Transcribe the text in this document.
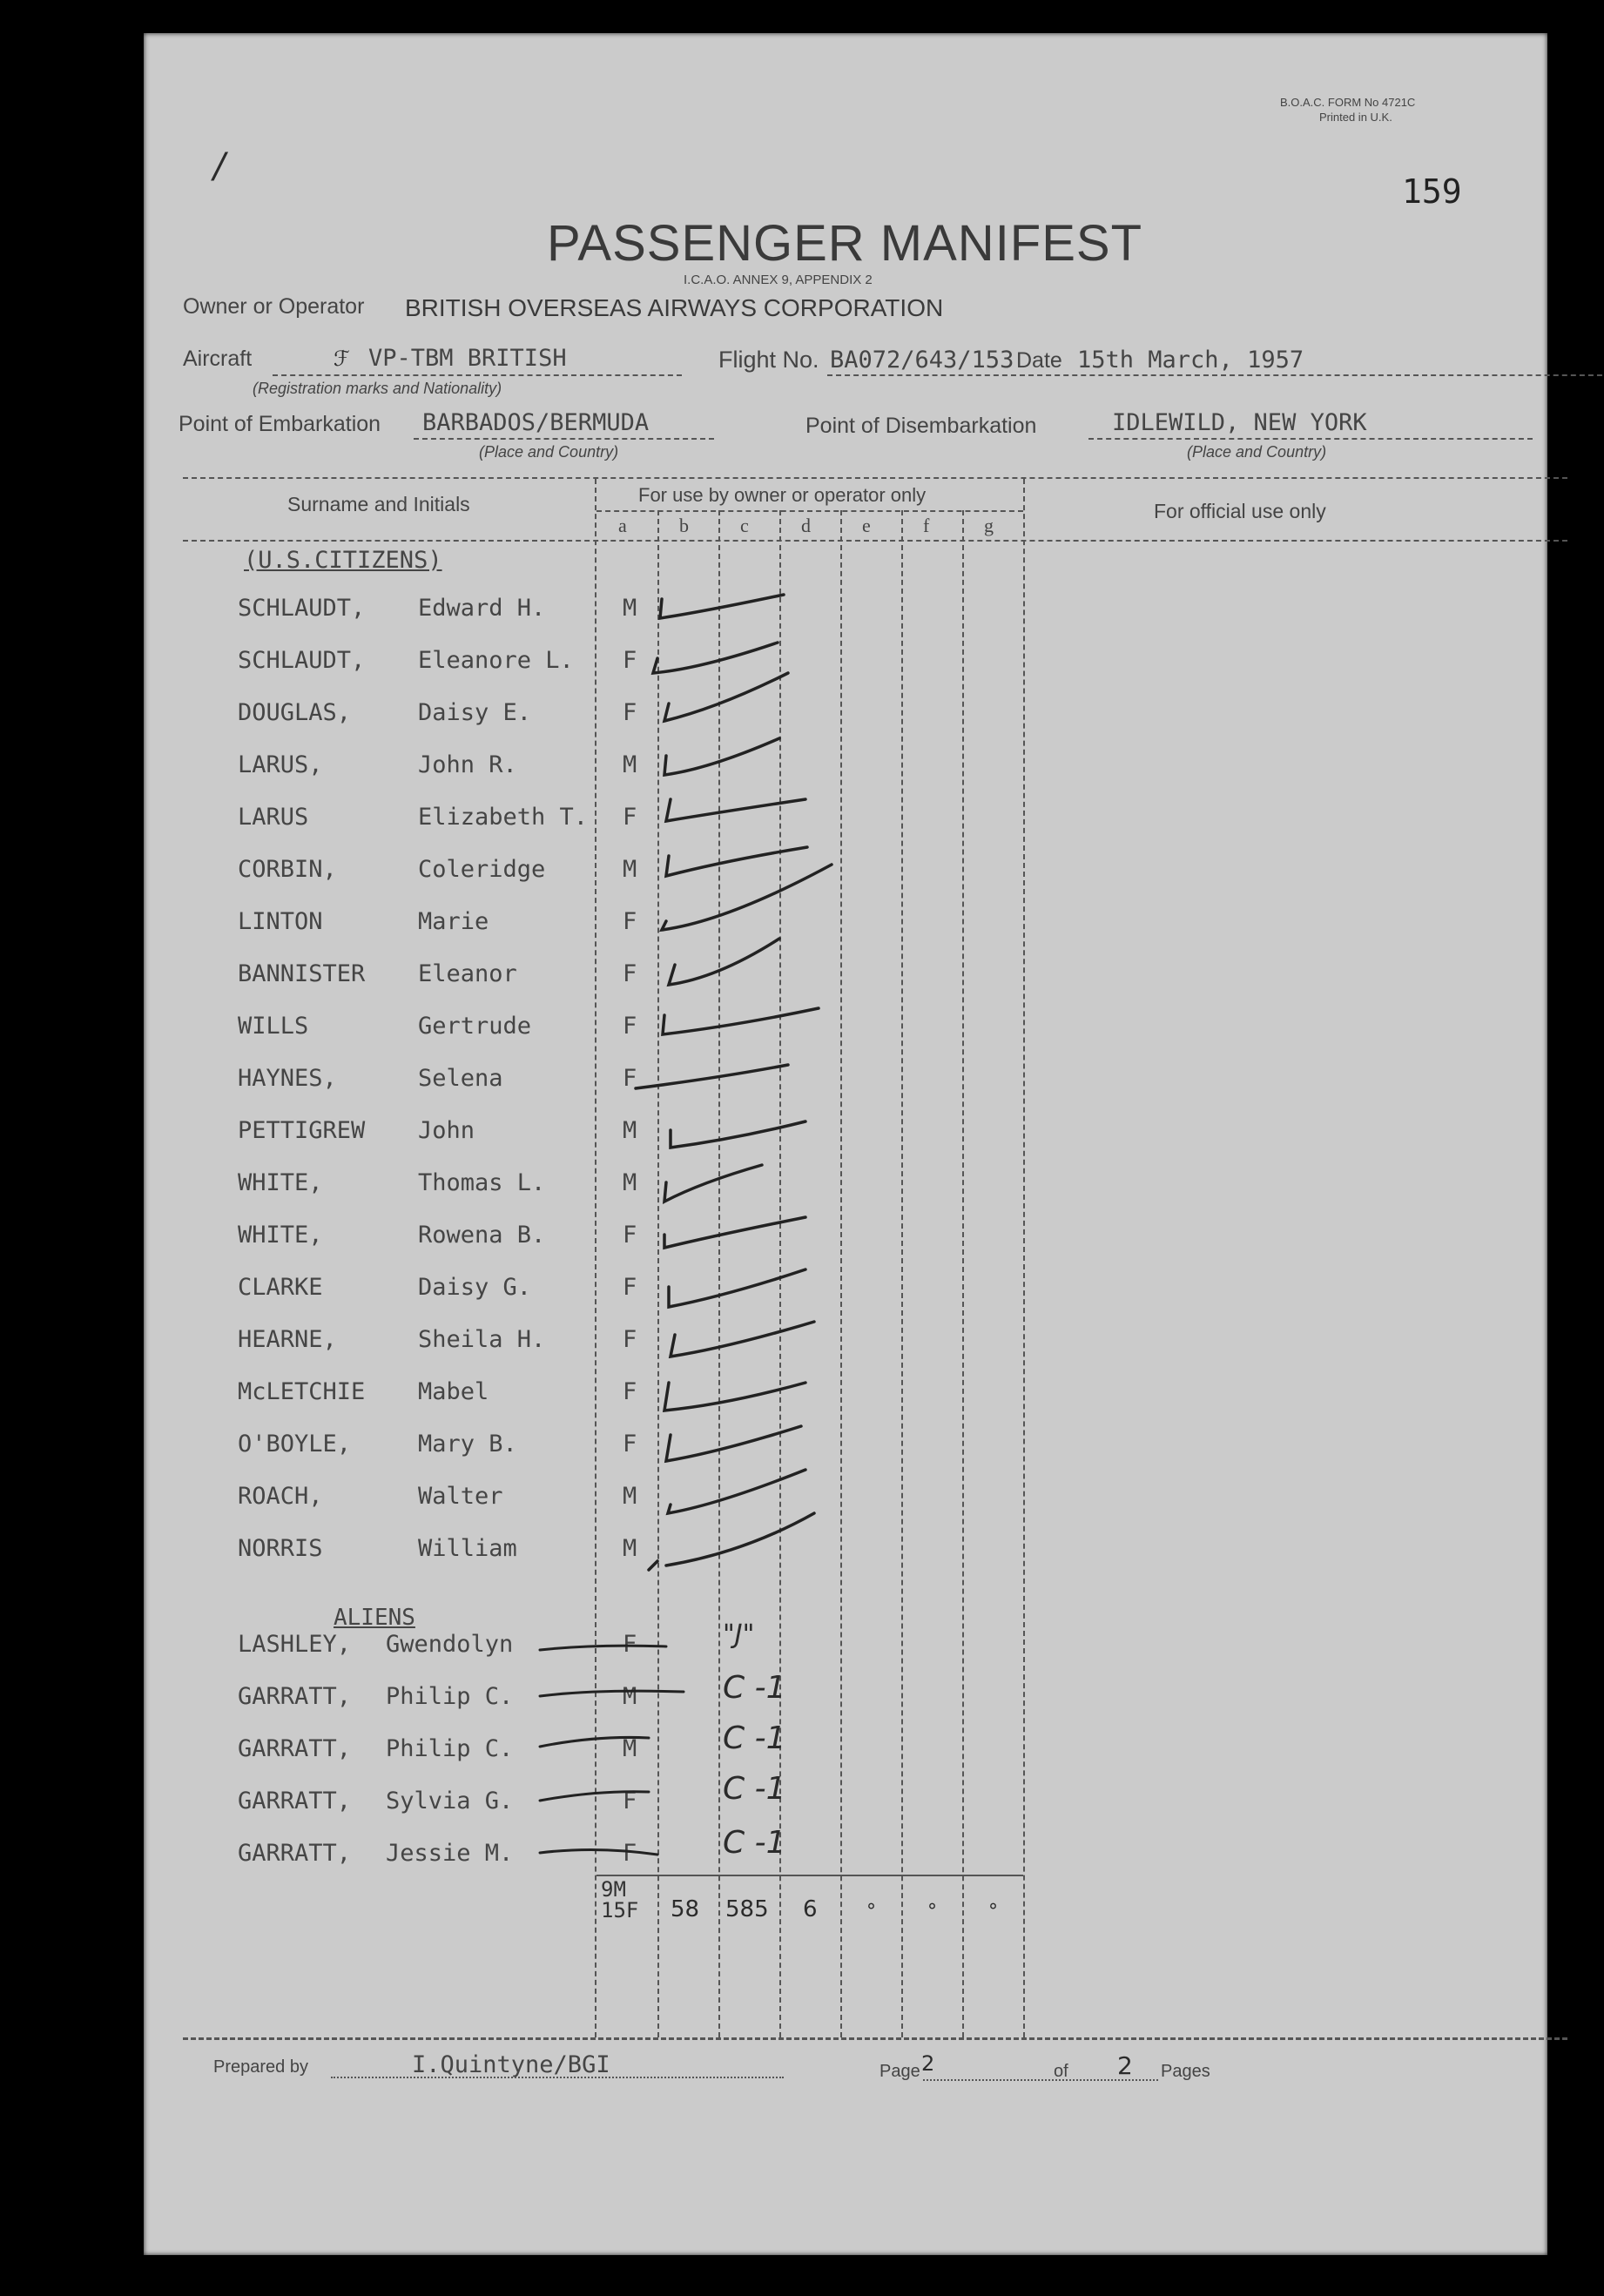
/
B.O.A.C. FORM No 4721C
Printed in U.K.
159
PASSENGER MANIFEST
I.C.A.O. ANNEX 9, APPENDIX 2
Owner or Operator BRITISH OVERSEAS AIRWAYS CORPORATION
Aircraft	ℱ VP-TBM BRITISH
(Registration marks and Nationality)
Flight No. BA072/643/153 Date 15th March, 1957
Point of Embarkation BARBADOS/BERMUDA
(Place and Country)
Point of Disembarkation	IDLEWILD, NEW YORK
(Place and Country)
Surname and Initials	For use by owner or operator only
For official use only
a	b	c	d	e	f	g
(U.S.CITIZENS)
SCHLAUDT,	Edward H.	M
SCHLAUDT,	Eleanore L.	F
DOUGLAS,	Daisy E.	F
LARUS,	John R.	M
LARUS	Elizabeth T. F
CORBIN,	Coleridge	M
LINTON	Marie	F
BANNISTER	Eleanor	F
WILLS	Gertrude	F
HAYNES,	Selena	F
PETTIGREW	John	M
WHITE,	Thomas L.	M
WHITE,	Rowena B.	F
CLARKE	Daisy G.	F
HEARNE,	Sheila H.	F
McLETCHIE	Mabel	F
O'BOYLE,	Mary B.	F
ROACH,	Walter	M
NORRIS	William	M
ALIENS
LASHLEY,	Gwendolyn	F	"J"
GARRATT,	Philip C.	M	C -1
GARRATT,	Philip C.	M	C -1
GARRATT,	Sylvia G.	F	C -1
GARRATT,	Jessie M.	F	C -1
9M 15F 58 585 6	°	°	°
Prepared by	I.Quintyne/BGI	Page 2	of 2 Pages
